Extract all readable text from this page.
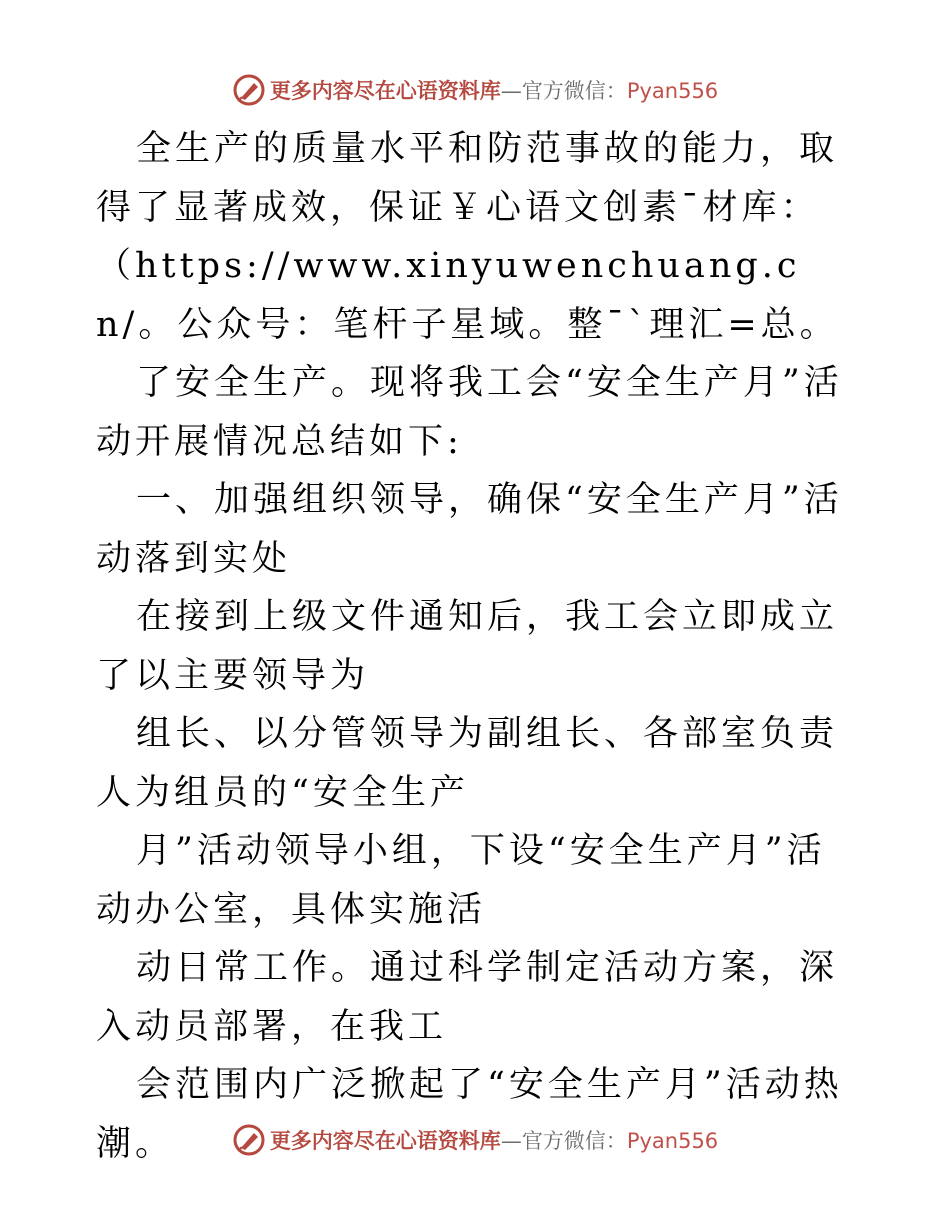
更多内容尽在心语资料库—官方微信：Pyan556

全生产的质量水平和防范事故的能力，取得了显著成效，保证￥心语文创素¯材库：（https://www.xinyuwenchuang.cn/。公众号：笔杆子星域。整¯`理汇=总。

了安全生产。现将我工会“安全生产月”活动开展情况总结如下:

一、加强组织领导，确保“安全生产月”活动落到实处

在接到上级文件通知后，我工会立即成立了以主要领导为

组长、以分管领导为副组长、各部室负责人为组员的“安全生产

月”活动领导小组，下设“安全生产月”活动办公室，具体实施活

动日常工作。通过科学制定活动方案，深入动员部署，在我工

会范围内广泛掀起了“安全生产月”活动热潮。	更多内容尽在心语资料库—官方微信：Pyan556
